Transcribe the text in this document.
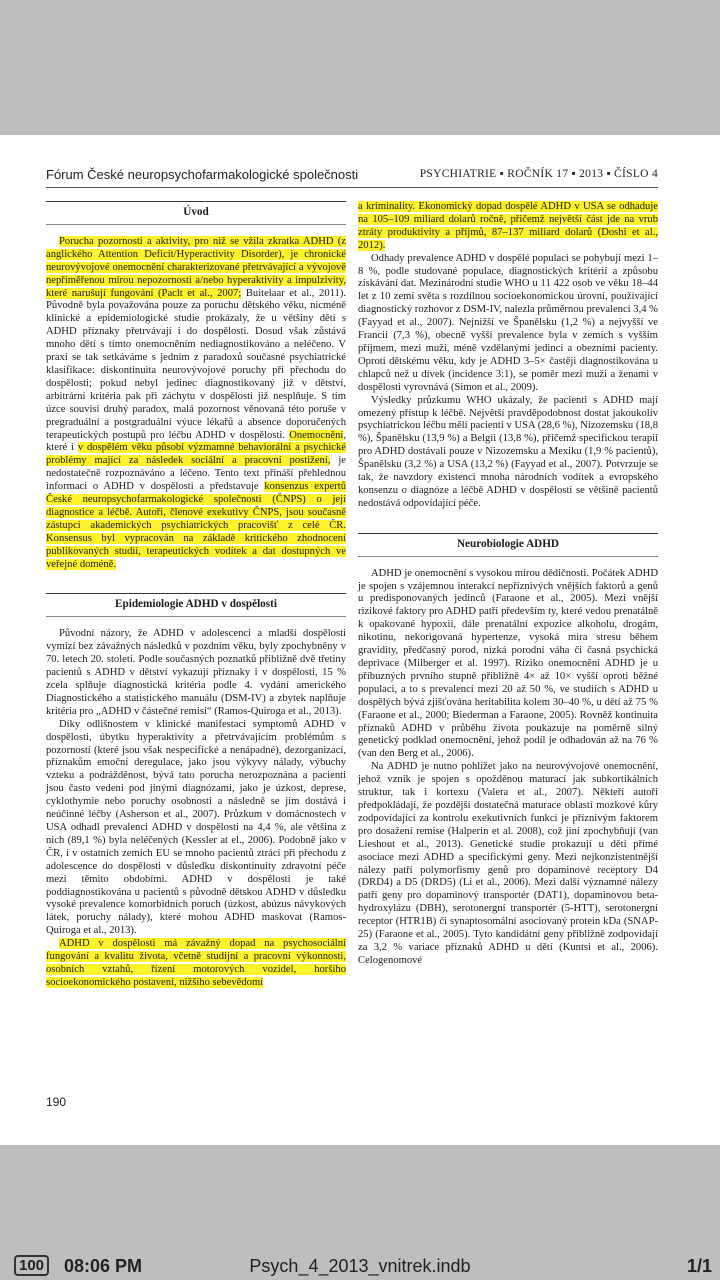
Fórum České neuropsychofarmakologické společnosti	PSYCHIATRIE ▪ ROČNÍK 17 ▪ 2013 ▪ ČÍSLO 4
Úvod

Porucha pozornosti a aktivity, pro niž se vžila zkratka ADHD (z anglického Attention Deficit/Hyperactivity Disorder), je chronické neurovývojové onemocnění charakterizované přetrvávající a vývojově nepřiměřenou mírou nepozornosti a/nebo hyperaktivity a impulzivity, které narušují fungování (Paclt et al., 2007; Buitelaar et al., 2011). Původně byla považována pouze za poruchu dětského věku, nicméně klinické a epidemiologické studie prokázaly, že u většiny dětí s ADHD příznaky přetrvávají i do dospělosti. Dosud však zůstává mnoho dětí s tímto onemocněním nediagnostikováno a neléčeno. V praxi se tak setkáváme s jedním z paradoxů současné psychiatrické klasifikace: diskontinuita neurovývojové poruchy při přechodu do dospělosti; pokud nebyl jedinec diagnostikovaný již v dětství, arbitrární kritéria pak při záchytu v dospělosti již nesplňuje. S tím úzce souvisí druhý paradox, malá pozornost věnovaná této poruše v pregraduální a postgraduální výuce lékařů a absence doporučených terapeutických postupů pro léčbu ADHD v dospělosti. Onemocnění, které i v dospělém věku působí výzmamné behaviorální a psychické problémy mající za následek sociální a pracovní postižení, je nedostatečně rozpoznáváno a léčeno. Tento text přináší přehlednou informaci o ADHD v dospělosti a představuje konsenzus expertů České neuropsychofarmakologické společnosti (ČNPS) o její diagnostice a léčbě. Autoři, členové exekutivy ČNPS, jsou současně zástupci akademických psychiatrických pracovišť z celé ČR. Konsensus byl vypracován na základě kritického zhodnocení publikovaných studií, terapeutických vodítek a dat dostupných ve veřejné doméně.

Epidemiologie ADHD v dospělosti

Původní názory, že ADHD v adolescenci a mladší dospělosti vymizí bez závažných následků v pozdním věku, byly zpochybněny v 70. letech 20. století. Podle současných poznatků přibližně dvě třetiny pacientů s ADHD v dětství vykazují příznaky i v dospělosti, 15 % zcela splňuje diagnostická kritéria podle 4. vydání amerického Diagnostického a statistického manuálu (DSM-IV) a zbytek naplňuje kritéria pro „ADHD v částečné remisi“ (Ramos-Quiroga et al., 2013).

Díky odlišnostem v klinické manifestaci symptomů ADHD v dospělosti, úbytku hyperaktivity a přetrvávajícím problémům s pozorností (které jsou však nespecifické a nenápadné), dezorganizací, příznakům emoční deregulace, jako jsou výkyvy nálady, výbuchy vzteku a podrážděnost, bývá tato porucha nerozpoznána a pacienti jsou často vedeni pod jinými diagnózami, jako je úzkost, deprese, cyklothymie nebo poruchy osobnosti a následně se jim dostává i neúčinné léčby (Asherson et al., 2007). Průzkum v domácnostech v USA odhadl prevalenci ADHD v dospělosti na 4,4 %, ale většina z nich (89,1 %) byla neléčených (Kessler at el., 2006). Podobně jako v ČR, i v ostatních zemích EU se mnoho pacientů ztrácí při přechodu z adolescence do dospělosti v důsledku diskontinuity zdravotní péče mezi těmito obdobími. ADHD v dospělosti je také poddiagnostikována u pacientů s původně dětskou ADHD v důsledku vysoké prevalence komorbidních poruch (úzkost, abúzus návykových látek, poruchy nálady), které mohou ADHD maskovat (Ramos-Quiroga et al., 2013).

ADHD v dospělosti má závažný dopad na psychosociální fungování a kvalitu života, včetně studijní a pracovní výkonnosti, osobních vztahů, řízení motorových vozidel, horšího socioekonomického postavení, nižšího sebevědomí

a kriminality. Ekonomický dopad dospělé ADHD v USA se odhaduje na 105–109 miliard dolarů ročně, přičemž největší část jde na vrub ztráty produktivity a příjmů, 87–137 miliard dolarů (Doshi et al., 2012).

Odhady prevalence ADHD v dospělé populaci se pohybují mezi 1–8 %, podle studované populace, diagnostických kritérií a způsobu získávání dat. Mezinárodní studie WHO u 11 422 osob ve věku 18–44 let z 10 zemí světa s rozdílnou socioekonomickou úrovní, používající diagnostický rozhovor z DSM-IV, nalezla průměrnou prevalenci 3,4 % (Fayyad et al., 2007). Nejnižší ve Španělsku (1,2 %) a nejvyšší ve Francii (7,3 %), obecně vyšší prevalence byla v zemích s vyšším příjmem, mezi muži, méně vzdělanými jedinci a obezními pacienty. Oproti dětskému věku, kdy je ADHD 3–5× častěji diagnostikována u chlapců než u dívek (incidence 3:1), se poměr mezi muži a ženami v dospělosti vyrovnává (Simon et al., 2009).

Výsledky průzkumu WHO ukázaly, že pacienti s ADHD mají omezený přístup k léčbě. Největší pravděpodobnost dostat jakoukoliv psychiatrickou léčbu měli pacienti v USA (28,6 %), Nizozemsku (18,8 %), Španělsku (13,9 %) a Belgii (13,8 %), přičemž specifickou terapii pro ADHD dostávali pouze v Nizozemsku a Mexiku (1,9 % pacientů), Španělsku (3,2 %) a USA (13,2 %) (Fayyad et al., 2007). Potvrzuje se tak, že navzdory existenci mnoha národních vodítek a evropského konsenzu o diagnóze a léčbě ADHD v dospělosti se většině pacientů nedostává odpovídající péče.

Neurobiologie ADHD

ADHD je onemocnění s vysokou mírou dědičnosti. Počátek ADHD je spojen s vzájemnou interakcí nepříznivých vnějších faktorů a genů u predisponovaných jedinců (Faraone et al., 2005). Mezi vnější rizikové faktory pro ADHD patří především ty, které vedou prenatálně k opakované hypoxii, dále prenatální expozice alkoholu, drogám, nikotinu, nekorigovaná hypertenze, vysoká míra stresu během gravidity, předčasný porod, nízká porodní váha či časná psychická deprivace (Milberger et al. 1997). Riziko onemocnění ADHD je u příbuzných prvního stupně přibližně 4× až 10× vyšší oproti běžné populaci, a to s prevalencí mezi 20 až 50 %, ve studiích s ADHD u dospělých bývá zjišťována heritabilita kolem 30–40 %, u dětí až 75 % (Faraone et al., 2000; Biederman a Faraone, 2005). Rovněž kontinuita příznaků ADHD v průběhu života poukazuje na poměrně silný genetický podklad onemocnění, jehož podíl je odhadován až na 76 % (van den Berg et al., 2006).

Na ADHD je nutno pohlížet jako na neurovývojové onemocnění, jehož vznik je spojen s opožděnou maturací jak subkortikálních struktur, tak i kortexu (Valera et al., 2007). Někteří autoři předpokládají, že pozdější dostatečná maturace oblastí mozkové kůry zodpovídající za kontrolu exekutivních funkcí je příznivým faktorem pro dosažení remise (Halperin et al. 2008), což jiní zpochybňují (van Lieshout et al., 2013). Genetické studie prokazují u dětí přímé asociace mezi ADHD a specifickými geny. Mezi nejkonzistentnější nálezy patří polymorfismy genů pro dopaminové receptory D4 (DRD4) a D5 (DRD5) (Li et al., 2006). Mezi další významné nálezy patří geny pro dopaminový transportér (DAT1), dopaminovou beta-hydroxylázu (DBH), serotonergní transportér (5-HTT), serotonergní receptor (HTR1B) či synaptosomální asociovaný protein kDa (SNAP-25) (Faraone et al., 2005). Tyto kandidátní geny přibližně zodpovídají za 3,2 % variace příznaků ADHD u dětí (Kuntsi et al., 2006). Celogenomové

190
100 08:06 PM	Psych_4_2013_vnitrek.indb	1/1
